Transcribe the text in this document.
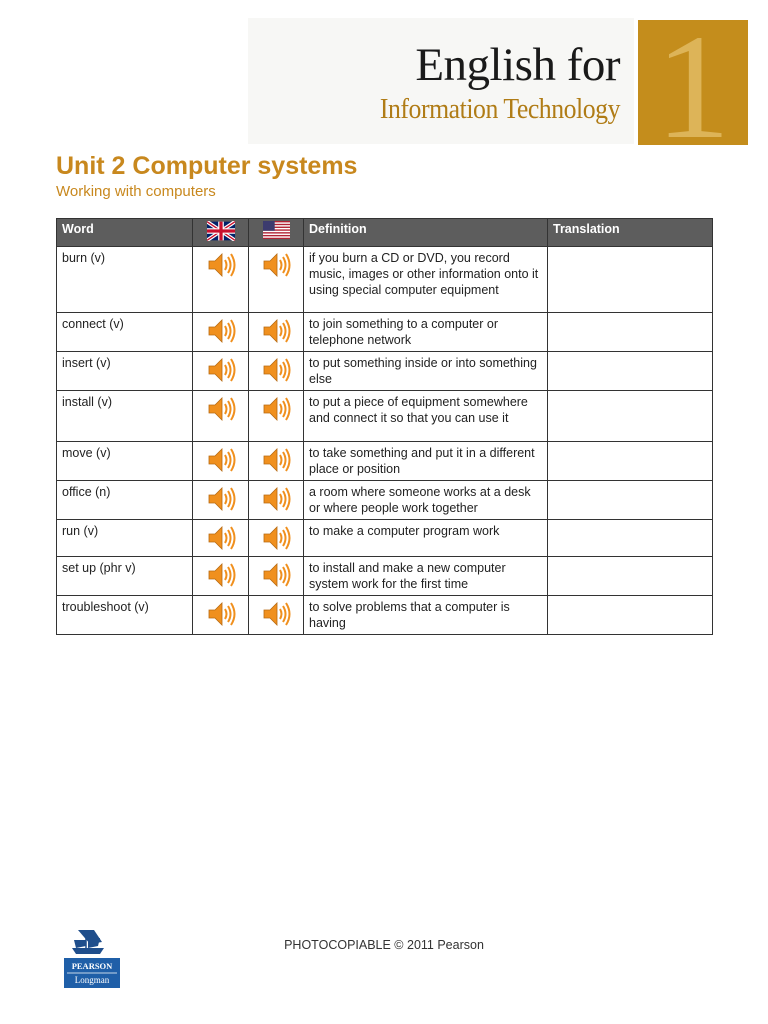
English for
Information Technology 1
Unit 2 Computer systems
Working with computers
Word			Definition	Translation
burn (v)			if you burn a CD or DVD, you record music, images or other information onto it using special computer equipment	
connect (v)			to join something to a computer or telephone network	
insert (v)			to put something inside or into something else	
install (v)			to put a piece of equipment somewhere and connect it so that you can use it	
move (v)			to take something and put it in a different place or position	
office (n)			a room where someone works at a desk or where people work together	
run (v)			to make a computer program work	
set up (phr v)			to install and make a new computer system work for the first time	
troubleshoot (v)			to solve problems that a computer is having	
PEARSON
Longman
PHOTOCOPIABLE © 2011 Pearson
